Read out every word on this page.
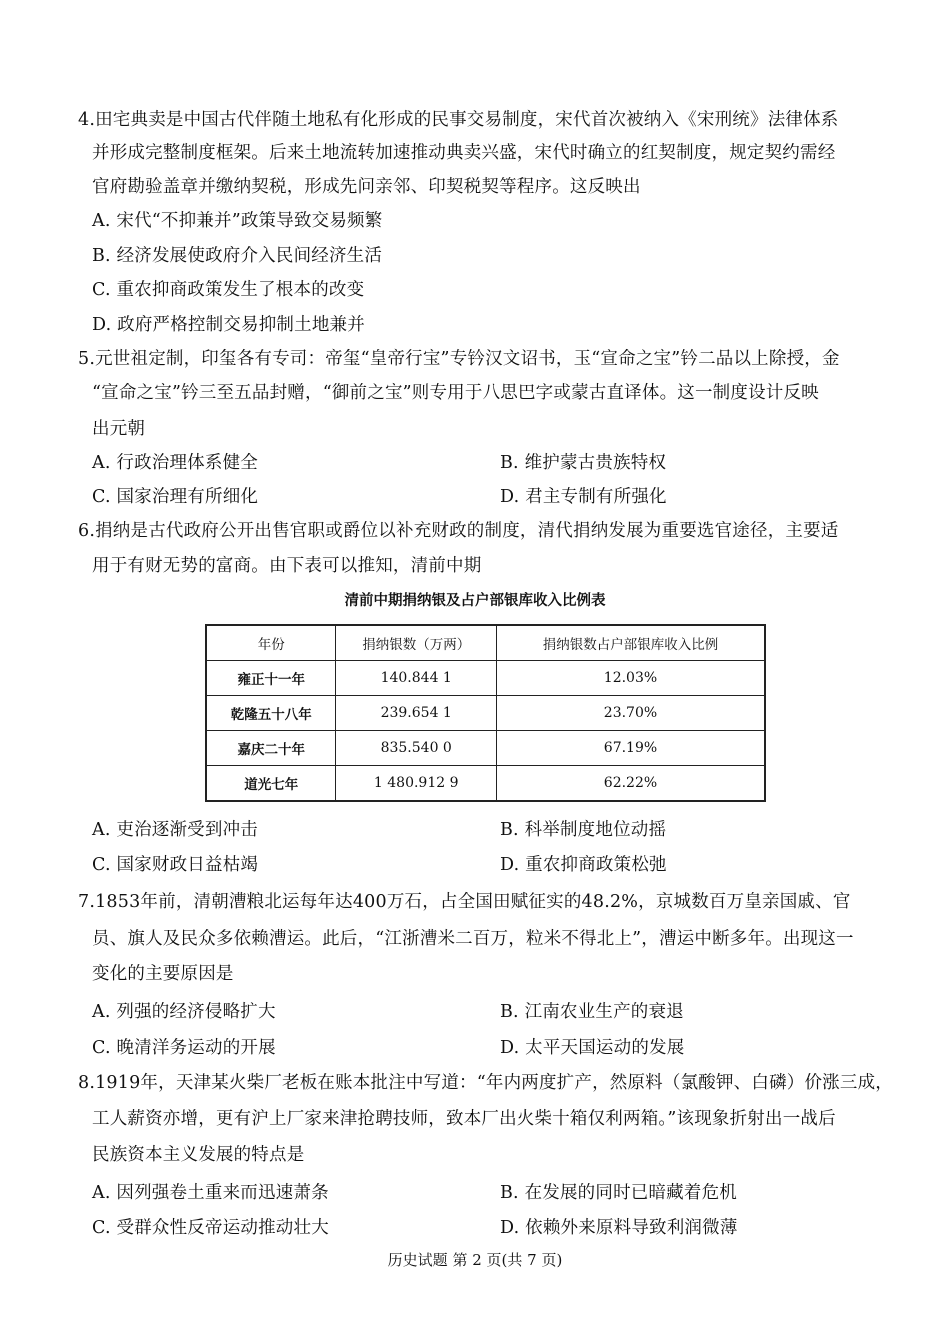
4.田宅典卖是中国古代伴随土地私有化形成的民事交易制度，宋代首次被纳入《宋刑统》法律体系
并形成完整制度框架。后来土地流转加速推动典卖兴盛，宋代时确立的红契制度，规定契约需经
官府勘验盖章并缴纳契税，形成先问亲邻、印契税契等程序。这反映出
A. 宋代“不抑兼并”政策导致交易频繁
B. 经济发展使政府介入民间经济生活
C. 重农抑商政策发生了根本的改变
D. 政府严格控制交易抑制土地兼并
5.元世祖定制，印玺各有专司：帝玺“皇帝行宝”专钤汉文诏书，玉“宣命之宝”钤二品以上除授，金
“宣命之宝”钤三至五品封赠，“御前之宝”则专用于八思巴字或蒙古直译体。这一制度设计反映
出元朝
A. 行政治理体系健全	B. 维护蒙古贵族特权
C. 国家治理有所细化	D. 君主专制有所强化
6.捐纳是古代政府公开出售官职或爵位以补充财政的制度，清代捐纳发展为重要选官途径，主要适
用于有财无势的富商。由下表可以推知，清前中期
清前中期捐纳银及占户部银库收入比例表
年份	捐纳银数（万两）	捐纳银数占户部银库收入比例
雍正十一年	140.844 1	12.03%
乾隆五十八年	239.654 1	23.70%
嘉庆二十年	835.540 0	67.19%
道光七年	1 480.912 9	62.22%
A. 吏治逐渐受到冲击	B. 科举制度地位动摇
C. 国家财政日益枯竭	D. 重农抑商政策松弛
7.1853年前，清朝漕粮北运每年达400万石，占全国田赋征实的48.2%，京城数百万皇亲国戚、官
员、旗人及民众多依赖漕运。此后，“江浙漕米二百万，粒米不得北上”，漕运中断多年。出现这一
变化的主要原因是
A. 列强的经济侵略扩大	B. 江南农业生产的衰退
C. 晚清洋务运动的开展	D. 太平天国运动的发展
8.1919年，天津某火柴厂老板在账本批注中写道：“年内两度扩产，然原料（氯酸钾、白磷）价涨三成，
工人薪资亦增，更有沪上厂家来津抢聘技师，致本厂出火柴十箱仅利两箱。”该现象折射出一战后
民族资本主义发展的特点是
A. 因列强卷土重来而迅速萧条	B. 在发展的同时已暗藏着危机
C. 受群众性反帝运动推动壮大	D. 依赖外来原料导致利润微薄
历史试题 第 2 页(共 7 页)
